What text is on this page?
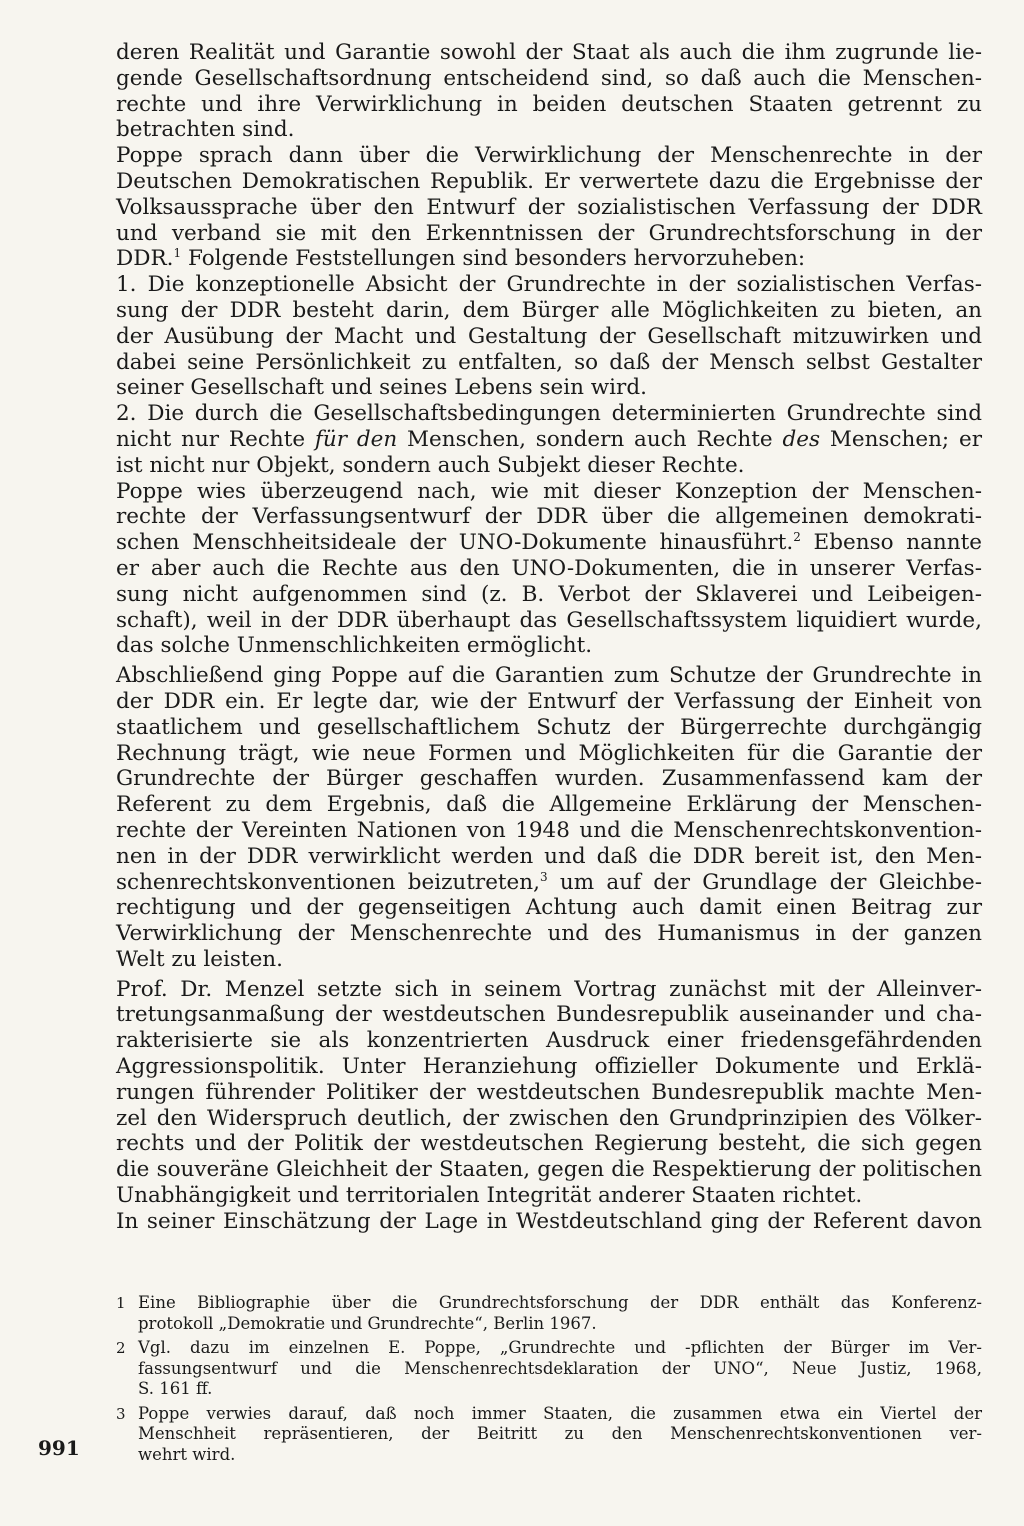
deren Realität und Garantie sowohl der Staat als auch die ihm zugrunde lie-
gende Gesellschaftsordnung entscheidend sind, so daß auch die Menschen-
rechte und ihre Verwirklichung in beiden deutschen Staaten getrennt zu
betrachten sind.
Poppe sprach dann über die Verwirklichung der Menschenrechte in der
Deutschen Demokratischen Republik. Er verwertete dazu die Ergebnisse der
Volksaussprache über den Entwurf der sozialistischen Verfassung der DDR
und verband sie mit den Erkenntnissen der Grundrechtsforschung in der
DDR.$^1$ Folgende Feststellungen sind besonders hervorzuheben:
1. Die konzeptionelle Absicht der Grundrechte in der sozialistischen Verfas-
sung der DDR besteht darin, dem Bürger alle Möglichkeiten zu bieten, an
der Ausübung der Macht und Gestaltung der Gesellschaft mitzuwirken und
dabei seine Persönlichkeit zu entfalten, so daß der Mensch selbst Gestalter
seiner Gesellschaft und seines Lebens sein wird.
2. Die durch die Gesellschaftsbedingungen determinierten Grundrechte sind
nicht nur Rechte für den Menschen, sondern auch Rechte des Menschen; er
ist nicht nur Objekt, sondern auch Subjekt dieser Rechte.
Poppe wies überzeugend nach, wie mit dieser Konzeption der Menschen-
rechte der Verfassungsentwurf der DDR über die allgemeinen demokrati-
schen Menschheitsideale der UNO-Dokumente hinausführt.$^2$ Ebenso nannte
er aber auch die Rechte aus den UNO-Dokumenten, die in unserer Verfas-
sung nicht aufgenommen sind (z. B. Verbot der Sklaverei und Leibeigen-
schaft), weil in der DDR überhaupt das Gesellschaftssystem liquidiert wurde,
das solche Unmenschlichkeiten ermöglicht.
Abschließend ging Poppe auf die Garantien zum Schutze der Grundrechte in
der DDR ein. Er legte dar, wie der Entwurf der Verfassung der Einheit von
staatlichem und gesellschaftlichem Schutz der Bürgerrechte durchgängig
Rechnung trägt, wie neue Formen und Möglichkeiten für die Garantie der
Grundrechte der Bürger geschaffen wurden. Zusammenfassend kam der
Referent zu dem Ergebnis, daß die Allgemeine Erklärung der Menschen-
rechte der Vereinten Nationen von 1948 und die Menschenrechtskonvention-
nen in der DDR verwirklicht werden und daß die DDR bereit ist, den Men-
schenrechtskonventionen beizutreten,$^3$ um auf der Grundlage der Gleichbe-
rechtigung und der gegenseitigen Achtung auch damit einen Beitrag zur
Verwirklichung der Menschenrechte und des Humanismus in der ganzen
Welt zu leisten.
Prof. Dr. Menzel setzte sich in seinem Vortrag zunächst mit der Alleinver-
tretungsanmaßung der westdeutschen Bundesrepublik auseinander und cha-
rakterisierte sie als konzentrierten Ausdruck einer friedensgefährdenden
Aggressionspolitik. Unter Heranziehung offizieller Dokumente und Erklä-
rungen führender Politiker der westdeutschen Bundesrepublik machte Men-
zel den Widerspruch deutlich, der zwischen den Grundprinzipien des Völker-
rechts und der Politik der westdeutschen Regierung besteht, die sich gegen
die souveräne Gleichheit der Staaten, gegen die Respektierung der politischen
Unabhängigkeit und territorialen Integrität anderer Staaten richtet.
In seiner Einschätzung der Lage in Westdeutschland ging der Referent davon
1 Eine Bibliographie über die Grundrechtsforschung der DDR enthält das Konferenz-
protokoll „Demokratie und Grundrechte“, Berlin 1967.
2 Vgl. dazu im einzelnen E. Poppe, „Grundrechte und -pflichten der Bürger im Ver-
fassungsentwurf und die Menschenrechtsdeklaration der UNO“, Neue Justiz, 1968,
S. 161 ff.
3 Poppe verwies darauf, daß noch immer Staaten, die zusammen etwa ein Viertel der
Menschheit repräsentieren, der Beitritt zu den Menschenrechtskonventionen ver-
wehrt wird.
991
